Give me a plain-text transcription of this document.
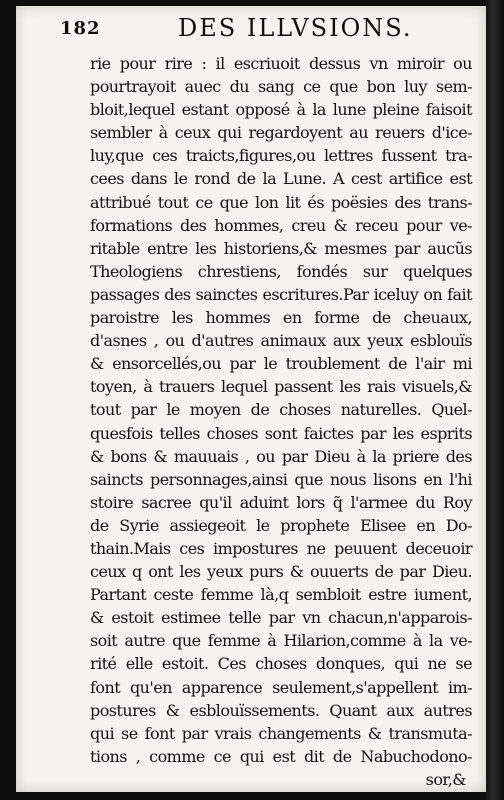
182	DES ILLVSIONS.
rie pour rire : il escriuoit dessus vn miroir ou
pourtrayoit auec du sang ce que bon luy sem-
bloit,lequel estant opposé à la lune pleine faisoit
sembler à ceux qui regardoyent au reuers d'ice-
luy,que ces traicts,figures,ou lettres fussent tra-
cees dans le rond de la Lune. A cest artifice est
attribué tout ce que lon lit és poësies des trans-
formations des hommes, creu & receu pour ve-
ritable entre les historiens,& mesmes par aucũs
Theologiens chrestiens, fondés sur quelques
passages des sainctes escritures.Par iceluy on fait
paroistre les hommes en forme de cheuaux,
d'asnes , ou d'autres animaux aux yeux esblouïs
& ensorcellés,ou par le troublement de l'air mi
toyen, à trauers lequel passent les rais visuels,&
tout par le moyen de choses naturelles. Quel-
quesfois telles choses sont faictes par les esprits
& bons & mauuais , ou par Dieu à la priere des
saincts personnages,ainsi que nous lisons en l'hi
stoire sacree qu'il aduint lors q̃ l'armee du Roy
de Syrie assiegeoit le prophete Elisee en Do-
thain.Mais ces impostures ne peuuent deceuoir
ceux q ont les yeux purs & ouuerts de par Dieu.
Partant ceste femme là,q sembloit estre iument,
& estoit estimee telle par vn chacun,n'apparois-
soit autre que femme à Hilarion,comme à la ve-
rité elle estoit. Ces choses donques, qui ne se
font qu'en apparence seulement,s'appellent im-
postures & esblouïssements. Quant aux autres
qui se font par vrais changements & transmuta-
tions , comme ce qui est dit de Nabuchodono-
sor,&
